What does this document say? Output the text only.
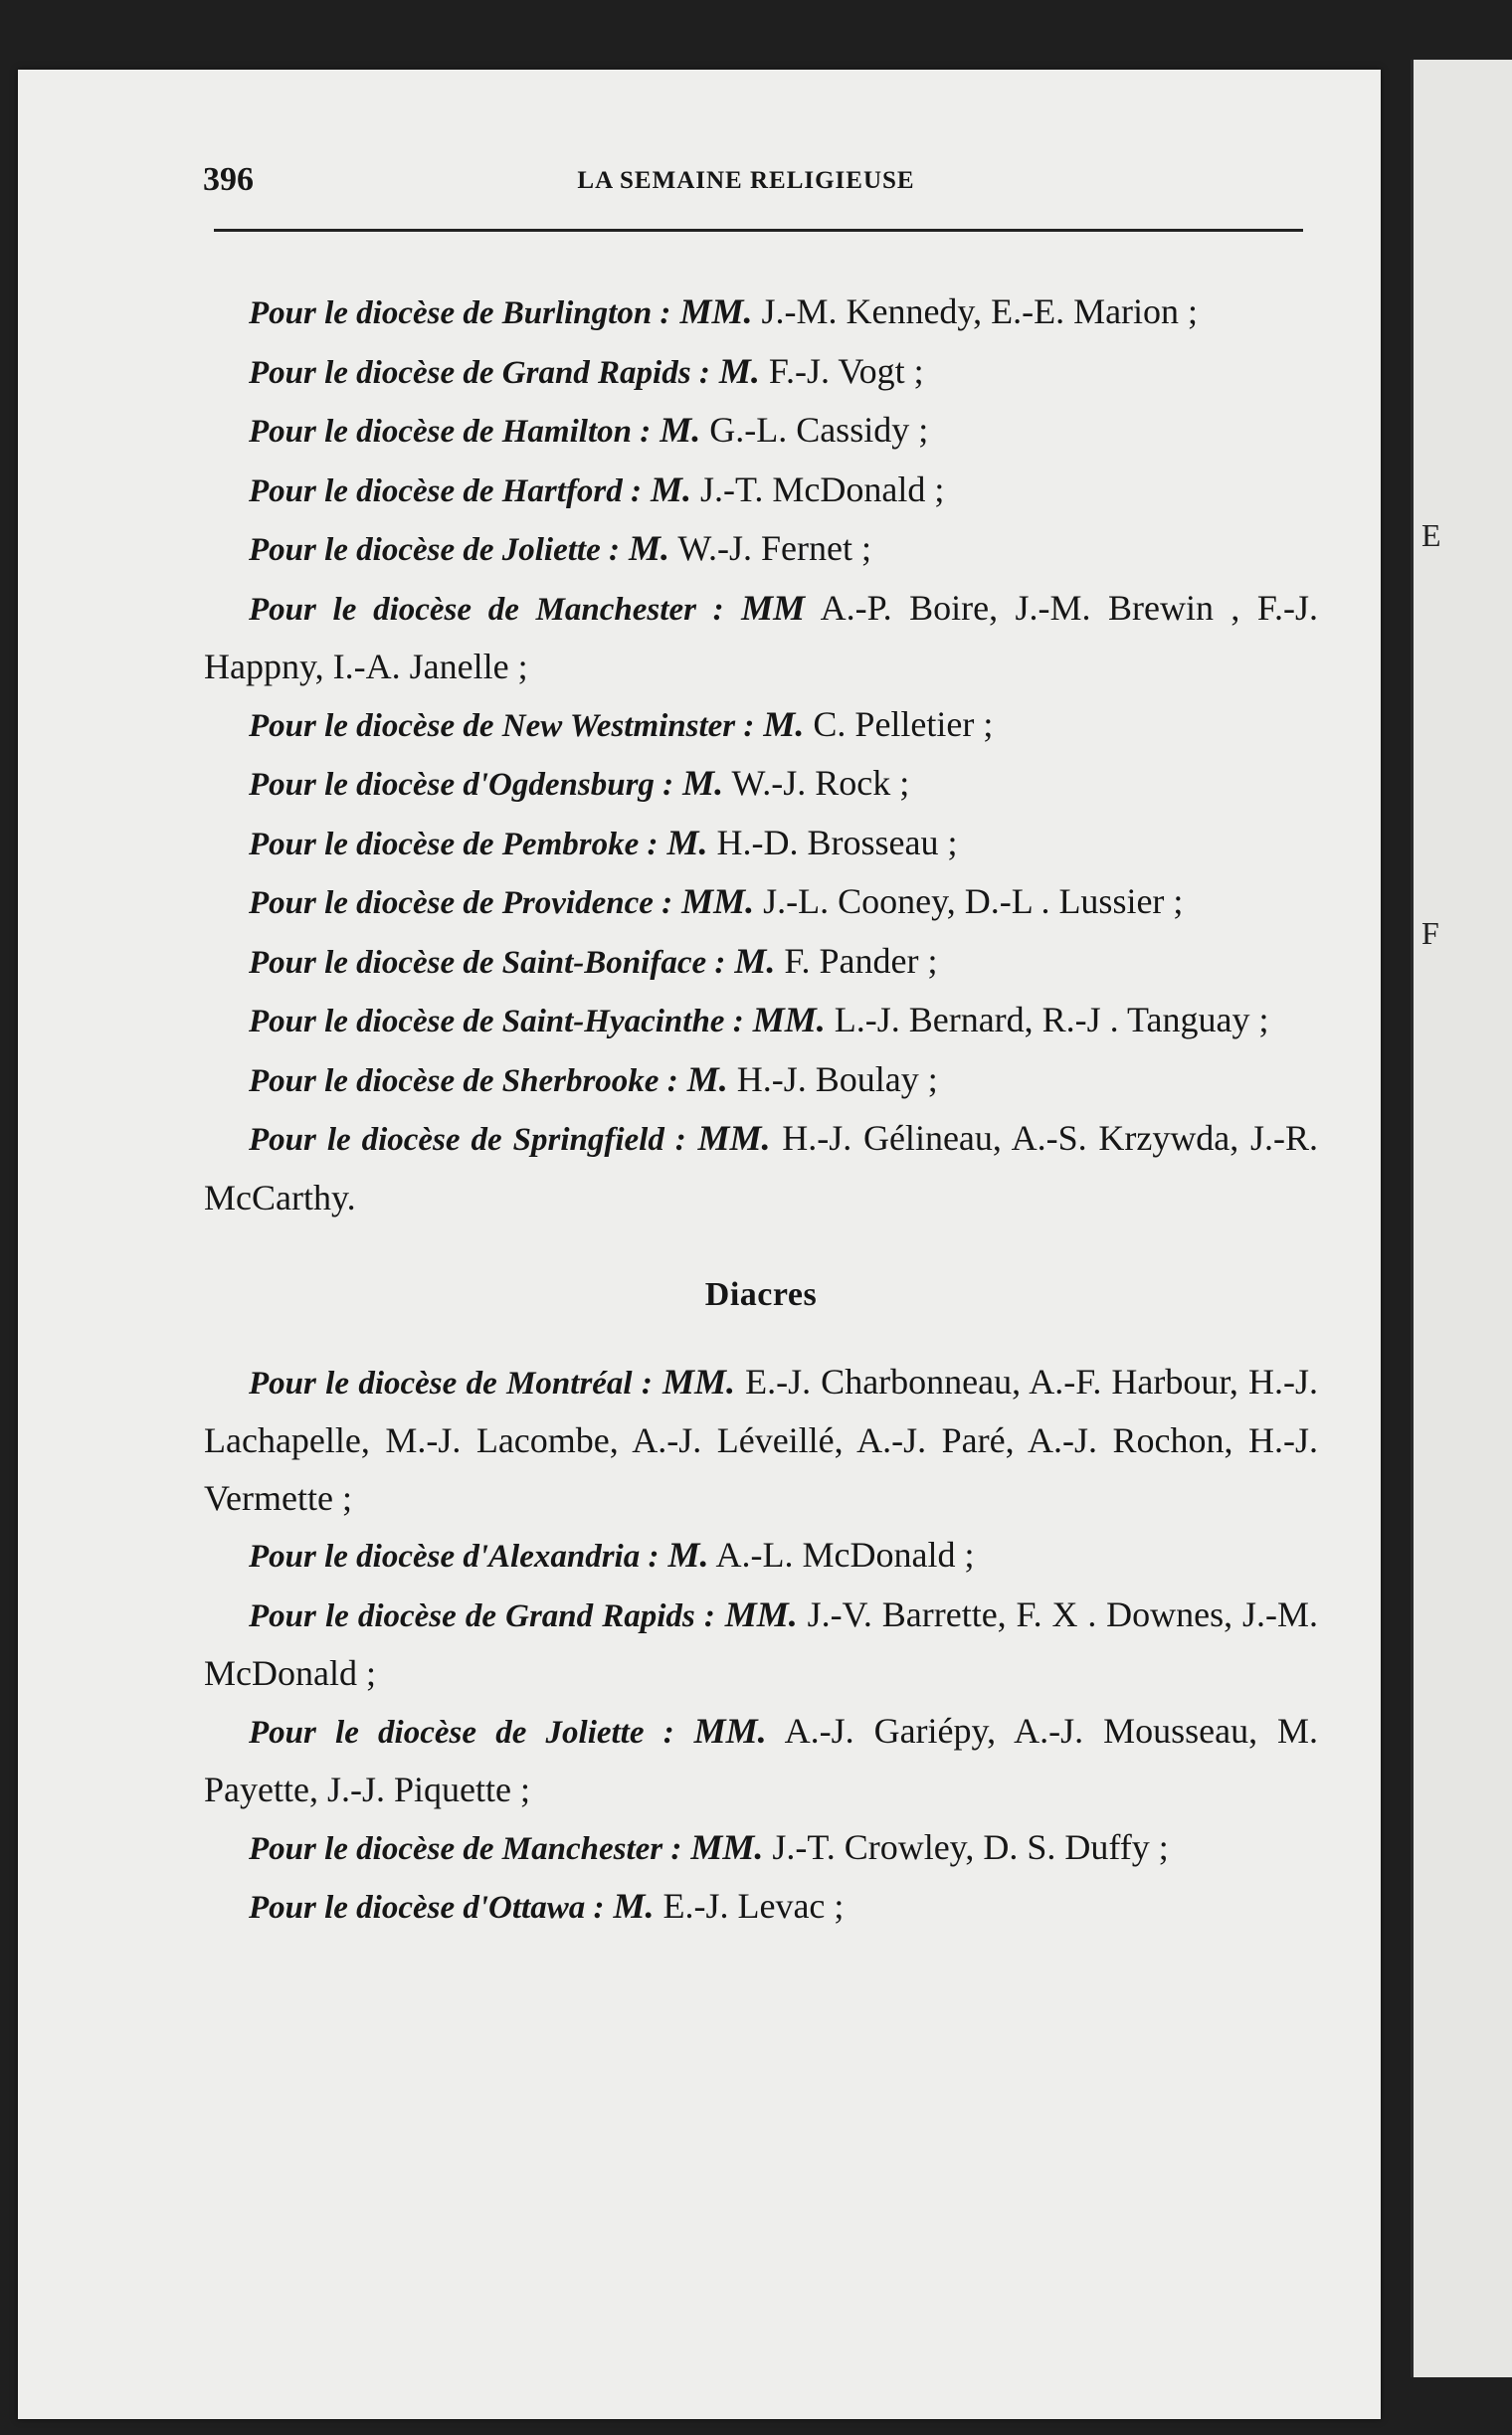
E
F
396	LA SEMAINE RELIGIEUSE

Pour le diocèse de Burlington : MM. J.-M. Kennedy, E.-E. Marion ;

Pour le diocèse de Grand Rapids : M. F.-J. Vogt ;

Pour le diocèse de Hamilton : M. G.-L. Cassidy ;

Pour le diocèse de Hartford : M. J.-T. McDonald ;

Pour le diocèse de Joliette : M. W.-J. Fernet ;

Pour le diocèse de Manchester : MM A.-P. Boire, J.-M. Brewin , F.-J. Happny, I.-A. Janelle ;

Pour le diocèse de New Westminster : M. C. Pelletier ;

Pour le diocèse d'Ogdensburg : M. W.-J. Rock ;

Pour le diocèse de Pembroke : M. H.-D. Brosseau ;

Pour le diocèse de Providence : MM. J.-L. Cooney, D.-L . Lussier ;

Pour le diocèse de Saint-Boniface : M. F. Pander ;

Pour le diocèse de Saint-Hyacinthe : MM. L.-J. Bernard, R.-J . Tanguay ;

Pour le diocèse de Sherbrooke : M. H.-J. Boulay ;

Pour le diocèse de Springfield : MM. H.-J. Gélineau, A.-S. Krzywda, J.-R. McCarthy.

Diacres

Pour le diocèse de Montréal : MM. E.-J. Charbonneau, A.-F. Harbour, H.-J. Lachapelle, M.-J. Lacombe, A.-J. Léveillé, A.-J. Paré, A.-J. Rochon, H.-J. Vermette ;

Pour le diocèse d'Alexandria : M. A.-L. McDonald ;

Pour le diocèse de Grand Rapids : MM. J.-V. Barrette, F. X . Downes, J.-M. McDonald ;

Pour le diocèse de Joliette : MM. A.-J. Gariépy, A.-J. Mousseau, M. Payette, J.-J. Piquette ;

Pour le diocèse de Manchester : MM. J.-T. Crowley, D. S. Duffy ;

Pour le diocèse d'Ottawa : M. E.-J. Levac ;
